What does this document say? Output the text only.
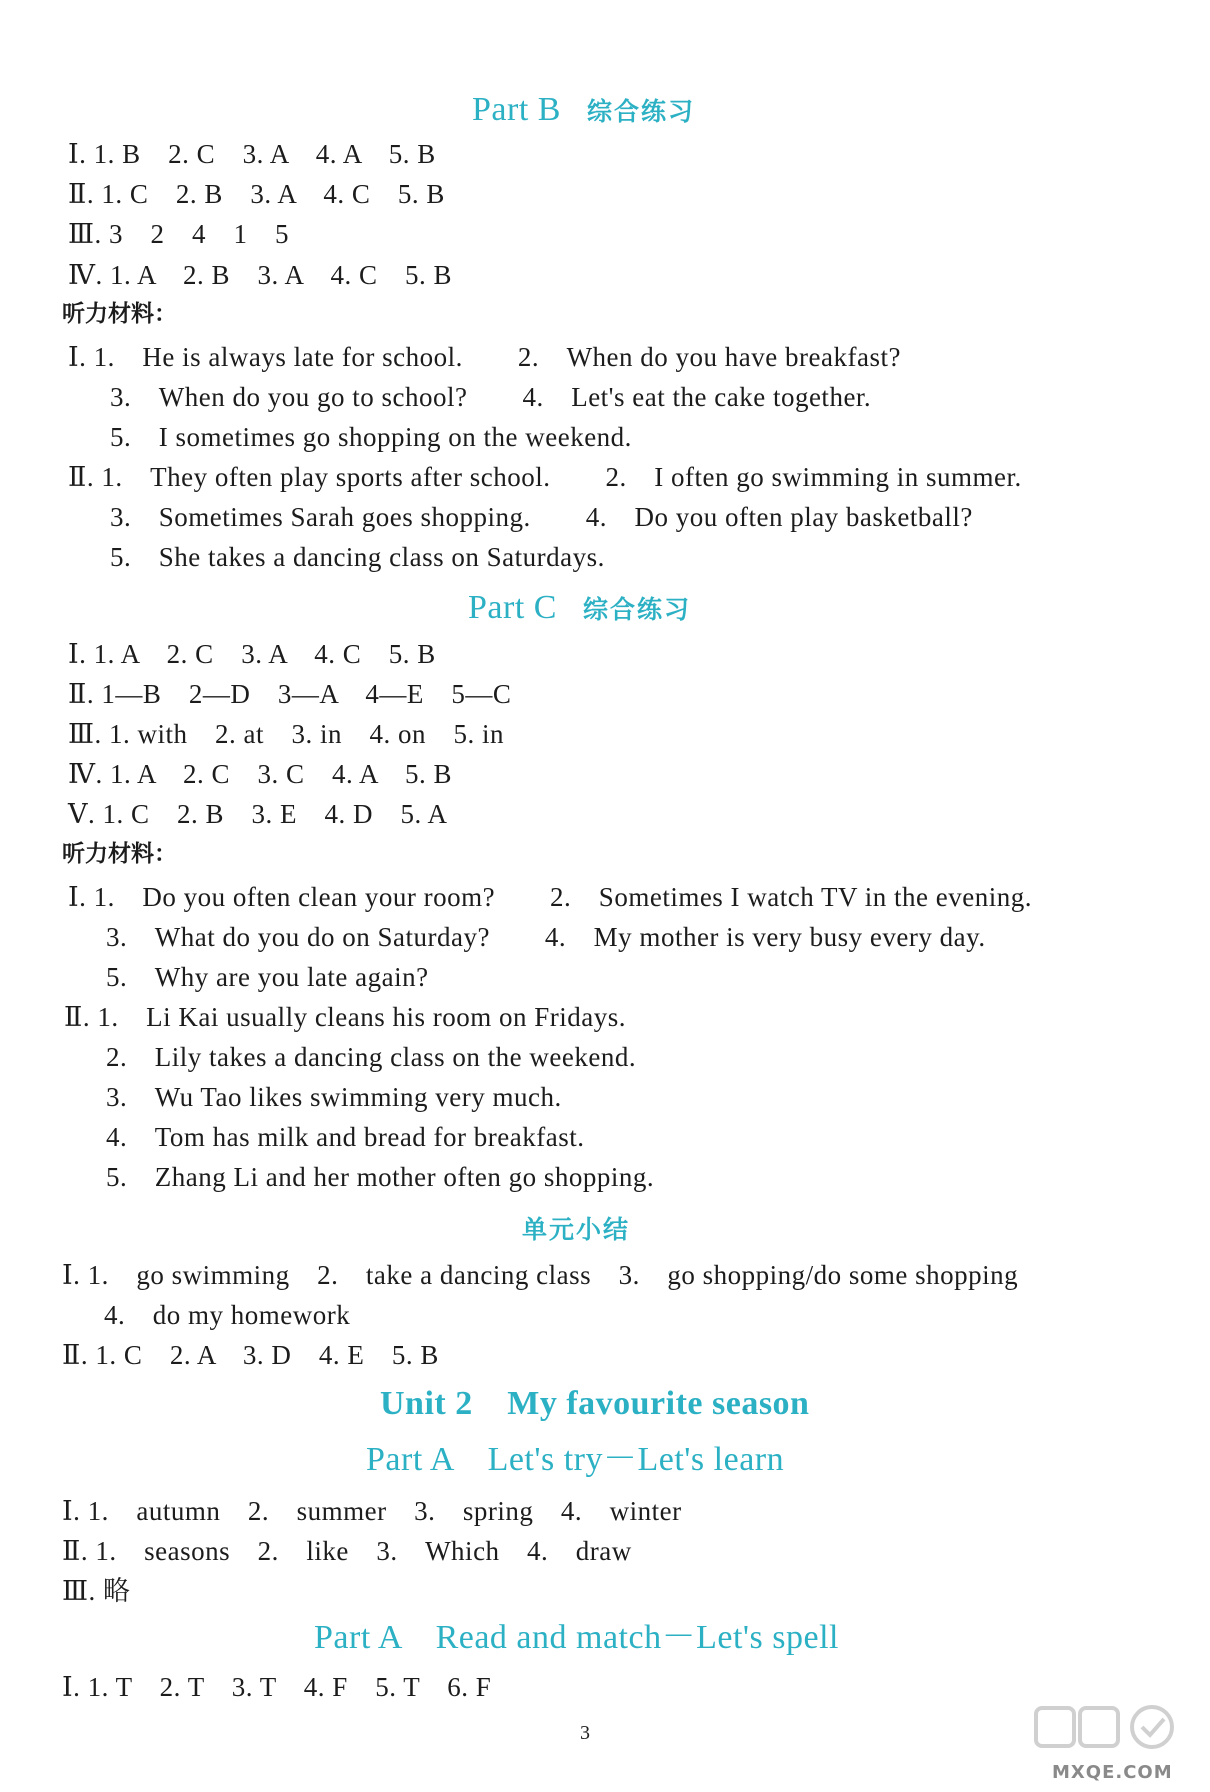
Part B 综合练习
Ⅰ. 1. B　2. C　3. A　4. A　5. B
Ⅱ. 1. C　2. B　3. A　4. C　5. B
Ⅲ. 3　2　4　1　5
Ⅳ. 1. A　2. B　3. A　4. C　5. B
听力材料：
Ⅰ. 1.　He is always late for school.　　2.　When do you have breakfast?
3.　When do you go to school?　　4.　Let's eat the cake together.
5.　I sometimes go shopping on the weekend.
Ⅱ. 1.　They often play sports after school.　　2.　I often go swimming in summer.
3.　Sometimes Sarah goes shopping.　　4.　Do you often play basketball?
5.　She takes a dancing class on Saturdays.
Part C 综合练习
Ⅰ. 1. A　2. C　3. A　4. C　5. B
Ⅱ. 1—B　2—D　3—A　4—E　5—C
Ⅲ. 1. with　2. at　3. in　4. on　5. in
Ⅳ. 1. A　2. C　3. C　4. A　5. B
Ⅴ. 1. C　2. B　3. E　4. D　5. A
听力材料：
Ⅰ. 1.　Do you often clean your room?　　2.　Sometimes I watch TV in the evening.
3.　What do you do on Saturday?　　4.　My mother is very busy every day.
5.　Why are you late again?
Ⅱ. 1.　Li Kai usually cleans his room on Fridays.
2.　Lily takes a dancing class on the weekend.
3.　Wu Tao likes swimming very much.
4.　Tom has milk and bread for breakfast.
5.　Zhang Li and her mother often go shopping.
单元小结
Ⅰ. 1.　go swimming　2.　take a dancing class　3.　go shopping/do some shopping
4.　do my homework
Ⅱ. 1. C　2. A　3. D　4. E　5. B
Unit 2　My favourite season
Part A　Let's try－Let's learn
Ⅰ. 1.　autumn　2.　summer　3.　spring　4.　winter
Ⅱ. 1.　seasons　2.　like　3.　Which　4.　draw
Ⅲ. 略
Part A　Read and match－Let's spell
Ⅰ. 1. T　2. T　3. T　4. F　5. T　6. F
3
MXQE.COM
